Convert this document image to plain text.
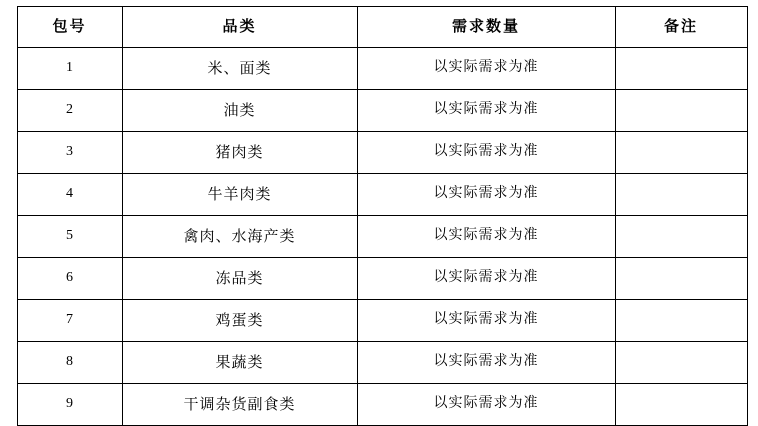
包号	品类	需求数量	备注
1	米、面类	以实际需求为准	
2	油类	以实际需求为准	
3	猪肉类	以实际需求为准	
4	牛羊肉类	以实际需求为准	
5	禽肉、水海产类	以实际需求为准	
6	冻品类	以实际需求为准	
7	鸡蛋类	以实际需求为准	
8	果蔬类	以实际需求为准	
9	干调杂货副食类	以实际需求为准	
